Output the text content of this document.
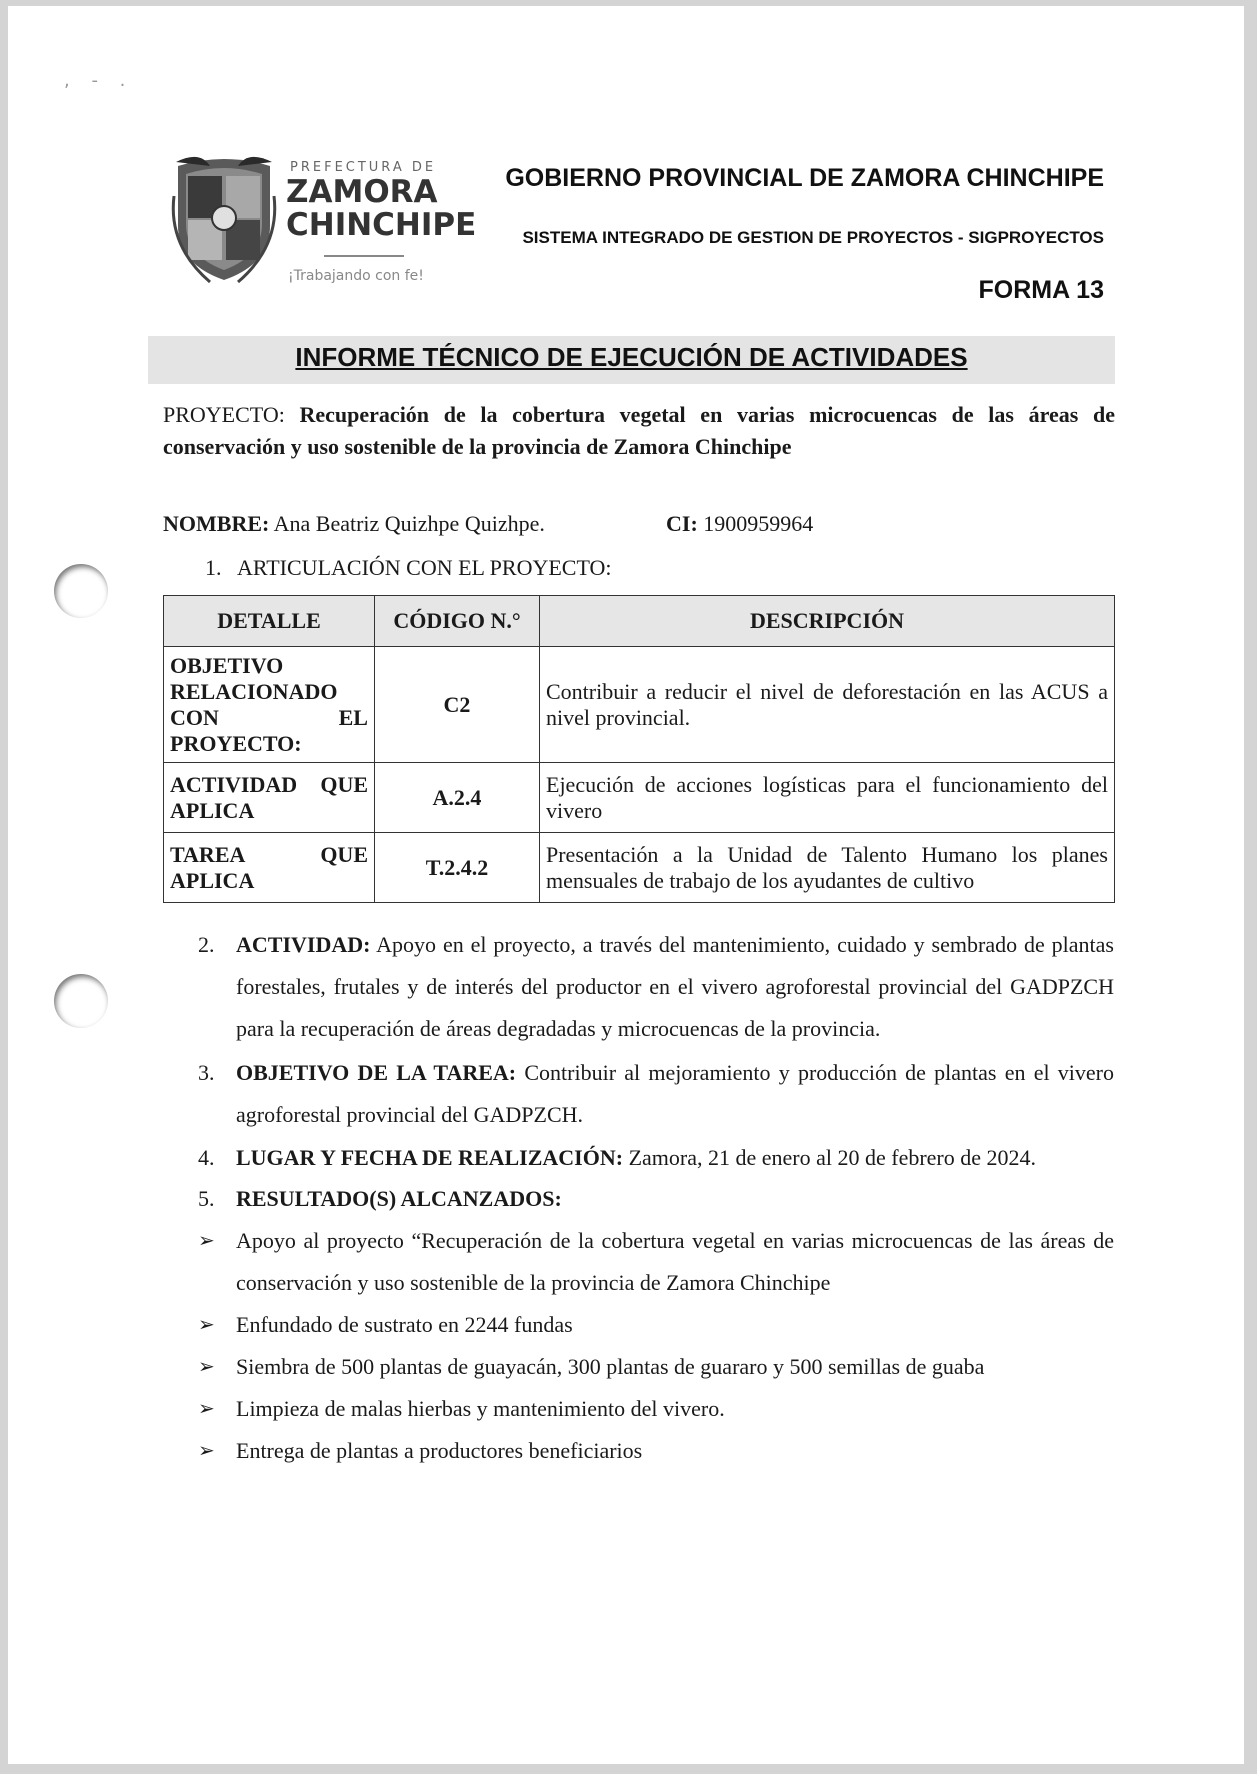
, - .
PREFECTURA DE
ZAMORA
CHINCHIPE
¡Trabajando con fe!
GOBIERNO PROVINCIAL DE ZAMORA CHINCHIPE
SISTEMA INTEGRADO DE GESTION DE PROYECTOS - SIGPROYECTOS
FORMA 13
INFORME TÉCNICO DE EJECUCIÓN DE ACTIVIDADES
PROYECTO: Recuperación de la cobertura vegetal en varias microcuencas de las áreas de conservación y uso sostenible de la provincia de Zamora Chinchipe
NOMBRE: Ana Beatriz Quizhpe Quizhpe.	CI: 1900959964
1. ARTICULACIÓN CON EL PROYECTO:
DETALLE	CÓDIGO N.°	DESCRIPCIÓN
OBJETIVO RELACIONADO CON EL PROYECTO:	C2	Contribuir a reducir el nivel de deforestación en las ACUS a nivel provincial.
ACTIVIDAD QUE APLICA	A.2.4	Ejecución de acciones logísticas para el funcionamiento del vivero
TAREA QUE APLICA	T.2.4.2	Presentación a la Unidad de Talento Humano los planes mensuales de trabajo de los ayudantes de cultivo
2. ACTIVIDAD: Apoyo en el proyecto, a través del mantenimiento, cuidado y sembrado de plantas forestales, frutales y de interés del productor en el vivero agroforestal provincial del GADPZCH para la recuperación de áreas degradadas y microcuencas de la provincia.
3. OBJETIVO DE LA TAREA: Contribuir al mejoramiento y producción de plantas en el vivero agroforestal provincial del GADPZCH.
4. LUGAR Y FECHA DE REALIZACIÓN: Zamora, 21 de enero al 20 de febrero de 2024.
5. RESULTADO(S) ALCANZADOS:
➢ Apoyo al proyecto “Recuperación de la cobertura vegetal en varias microcuencas de las áreas de conservación y uso sostenible de la provincia de Zamora Chinchipe
➢ Enfundado de sustrato en 2244 fundas
➢ Siembra de 500 plantas de guayacán, 300 plantas de guararo y 500 semillas de guaba
➢ Limpieza de malas hierbas y mantenimiento del vivero.
➢ Entrega de plantas a productores beneficiarios
